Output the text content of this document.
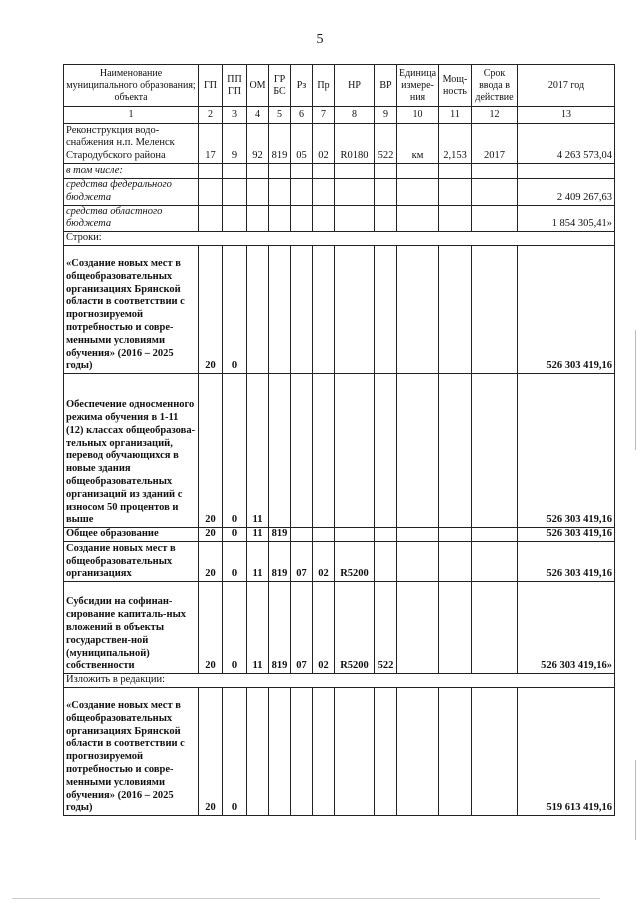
5
Наименование муниципального образования; объекта	ГП	ПП ГП	ОМ	ГР БС	Рз	Пр	НР	ВР	Единица измере-ния	Мощ-ность	Срок ввода в действие	2017 год
1	2	3	4	5	6	7	8	9	10	11	12	13
Реконструкция водо-снабжения н.п. Меленск Стародубского района	17	9	92	819	05	02	R0180	522	км	2,153	2017	4 263 573,04
в том числе:												
средства федерального бюджета												2 409 267,63
средства областного бюджета												1 854 305,41»
Строки:												
«Создание новых мест в общеобразовательных организациях Брянской области в соответствии с прогнозируемой потребностью и совре-менными условиями обучения» (2016 – 2025 годы)	20	0										526 303 419,16
Обеспечение односменного режима обучения в 1-11 (12) классах общеобразова-тельных организаций, перевод обучающихся в новые здания общеобразовательных организаций из зданий с износом 50 процентов и выше	20	0	11									526 303 419,16
Общее образование	20	0	11	819								526 303 419,16
Создание новых мест в общеобразовательных организациях	20	0	11	819	07	02	R5200					526 303 419,16
Субсидии на софинан-сирование капиталь-ных вложений в объекты государствен-ной (муниципальной) собственности	20	0	11	819	07	02	R5200	522				526 303 419,16»
Изложить в редакции:												
«Создание новых мест в общеобразовательных организациях Брянской области в соответствии с прогнозируемой потребностью и совре-менными условиями обучения» (2016 – 2025 годы)	20	0										519 613 419,16
